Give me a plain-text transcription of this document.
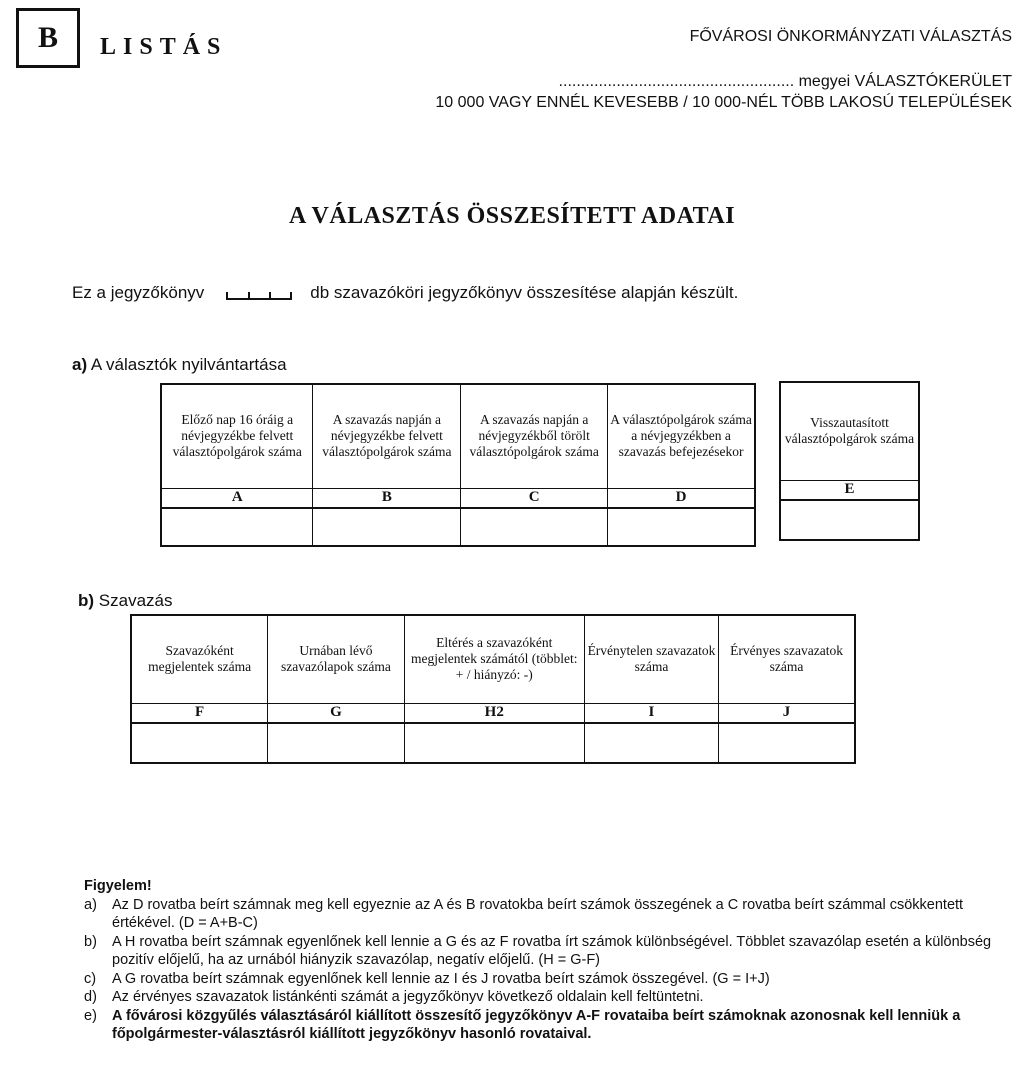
B	LISTÁS	FŐVÁROSI ÖNKORMÁNYZATI VÁLASZTÁS
..................................................... megyei VÁLASZTÓKERÜLET
10 000 VAGY ENNÉL KEVESEBB / 10 000-NÉL TÖBB LAKOSÚ TELEPÜLÉSEK
A VÁLASZTÁS ÖSSZESÍTETT ADATAI
Ez a jegyzőkönyv	db szavazóköri jegyzőkönyv összesítése alapján készült.
a) A választók nyilvántartása
Előző nap 16 óráig a névjegyzékbe felvett választópolgárok száma	A szavazás napján a névjegyzékbe felvett választópolgárok száma	A szavazás napján a névjegyzékből törölt választópolgárok száma	A választópolgárok száma a névjegyzékben a szavazás befejezésekor
A	B	C	D

Visszautasított választópolgárok száma
E

b) Szavazás
Szavazóként megjelentek száma	Urnában lévő szavazólapok száma	Eltérés a szavazóként megjelentek számától (többlet: + / hiányzó: -)	Érvénytelen szavazatok száma	Érvényes szavazatok száma
F	G	H2	I	J

Figyelem!
a)	Az D rovatba beírt számnak meg kell egyeznie az A és B rovatokba beírt számok összegének a C rovatba beírt számmal csökkentett értékével. (D = A+B-C)
b)	A H rovatba beírt számnak egyenlőnek kell lennie a G és az F rovatba írt számok különbségével. Többlet szavazólap esetén a különbség pozitív előjelű, ha az urnából hiányzik szavazólap, negatív előjelű. (H = G-F)
c)	A G rovatba beírt számnak egyenlőnek kell lennie az I és J rovatba beírt számok összegével. (G = I+J)
d)	Az érvényes szavazatok listánkénti számát a jegyzőkönyv következő oldalain kell feltüntetni.
e)	A fővárosi közgyűlés választásáról kiállított összesítő jegyzőkönyv A-F rovataiba beírt számoknak azonosnak kell lenniük a főpolgármester-választásról kiállított jegyzőkönyv hasonló rovataival.
